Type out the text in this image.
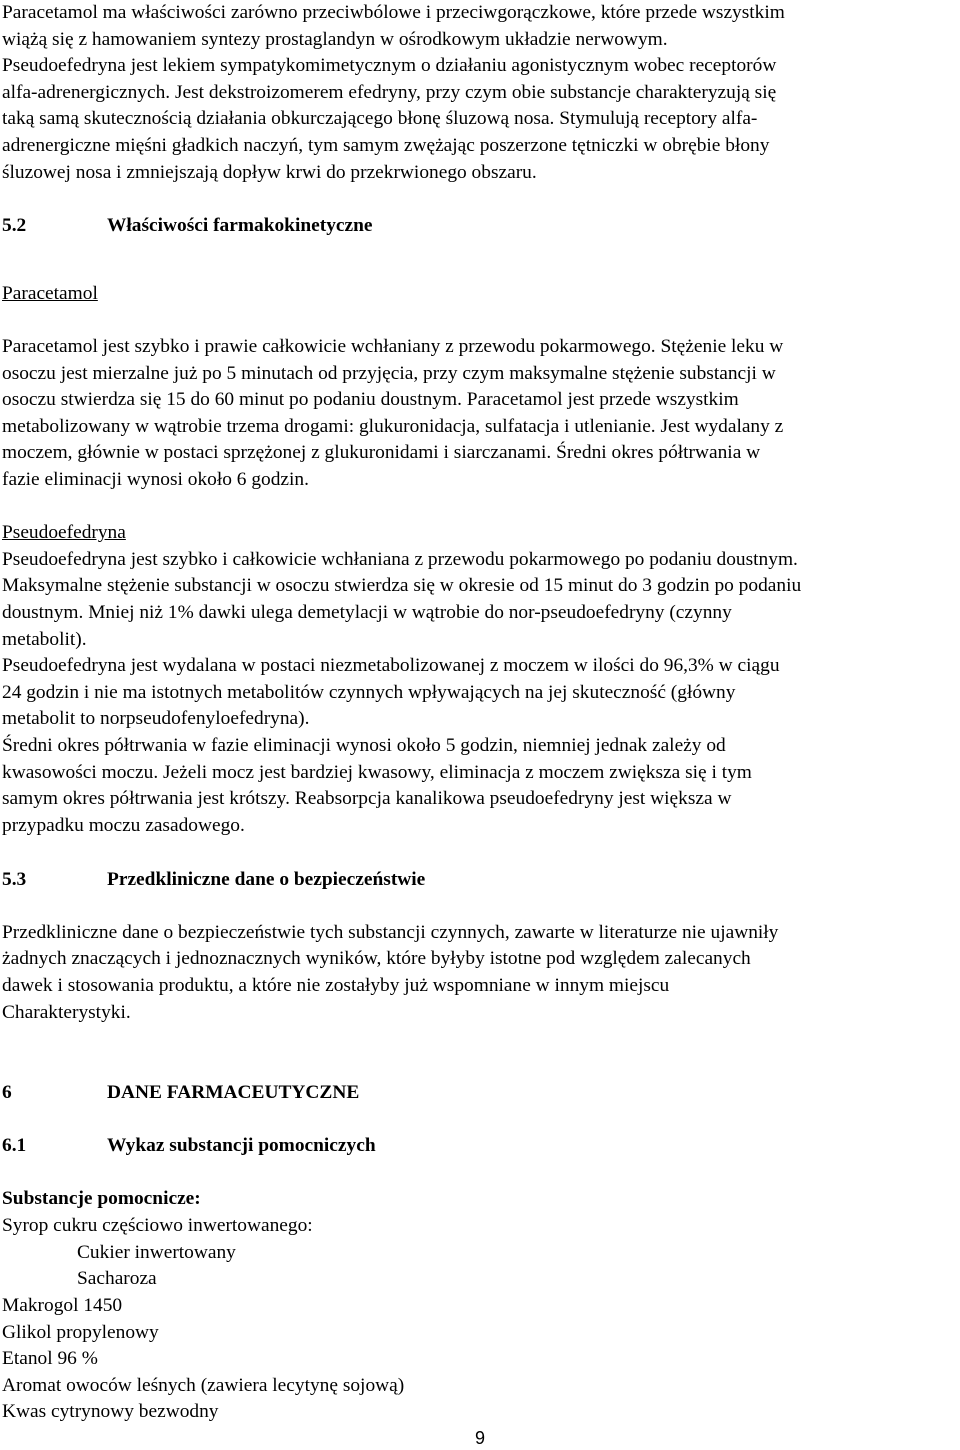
Paracetamol ma właściwości zarówno przeciwbólowe i przeciwgorączkowe, które przede wszystkim
wiążą się z hamowaniem syntezy prostaglandyn w ośrodkowym układzie nerwowym.
Pseudoefedryna jest lekiem sympatykomimetycznym o działaniu agonistycznym wobec receptorów
alfa-adrenergicznych. Jest dekstroizomerem efedryny, przy czym obie substancje charakteryzują się
taką samą skutecznością działania obkurczającego błonę śluzową nosa. Stymulują receptory alfa-
adrenergiczne mięśni gładkich naczyń, tym samym zwężając poszerzone tętniczki w obrębie błony
śluzowej nosa i zmniejszają dopływ krwi do przekrwionego obszaru.
5.2	Właściwości farmakokinetyczne
Paracetamol
Paracetamol jest szybko i prawie całkowicie wchłaniany z przewodu pokarmowego. Stężenie leku w
osoczu jest mierzalne już po 5 minutach od przyjęcia, przy czym maksymalne stężenie substancji w
osoczu stwierdza się 15 do 60 minut po podaniu doustnym. Paracetamol jest przede wszystkim
metabolizowany w wątrobie trzema drogami: glukuronidacja, sulfatacja i utlenianie. Jest wydalany z
moczem, głównie w postaci sprzężonej z glukuronidami i siarczanami. Średni okres półtrwania w
fazie eliminacji wynosi około 6 godzin.
Pseudoefedryna
Pseudoefedryna jest szybko i całkowicie wchłaniana z przewodu pokarmowego po podaniu doustnym.
Maksymalne stężenie substancji w osoczu stwierdza się w okresie od 15 minut do 3 godzin po podaniu
doustnym. Mniej niż 1% dawki ulega demetylacji w wątrobie do nor-pseudoefedryny (czynny
metabolit).
Pseudoefedryna jest wydalana w postaci niezmetabolizowanej z moczem w ilości do 96,3% w ciągu
24 godzin i nie ma istotnych metabolitów czynnych wpływających na jej skuteczność (główny
metabolit to norpseudofenyloefedryna).
Średni okres półtrwania w fazie eliminacji wynosi około 5 godzin, niemniej jednak zależy od
kwasowości moczu. Jeżeli mocz jest bardziej kwasowy, eliminacja z moczem zwiększa się i tym
samym okres półtrwania jest krótszy. Reabsorpcja kanalikowa pseudoefedryny jest większa w
przypadku moczu zasadowego.
5.3	Przedkliniczne dane o bezpieczeństwie
Przedkliniczne dane o bezpieczeństwie tych substancji czynnych, zawarte w literaturze nie ujawniły
żadnych znaczących i jednoznacznych wyników, które byłyby istotne pod względem zalecanych
dawek i stosowania produktu, a które nie zostałyby już wspomniane w innym miejscu
Charakterystyki.
6	DANE FARMACEUTYCZNE
6.1	Wykaz substancji pomocniczych
Substancje pomocnicze:
Syrop cukru częściowo inwertowanego:
Cukier inwertowany
Sacharoza
Makrogol 1450
Glikol propylenowy
Etanol 96 %
Aromat owoców leśnych (zawiera lecytynę sojową)
Kwas cytrynowy bezwodny
9
